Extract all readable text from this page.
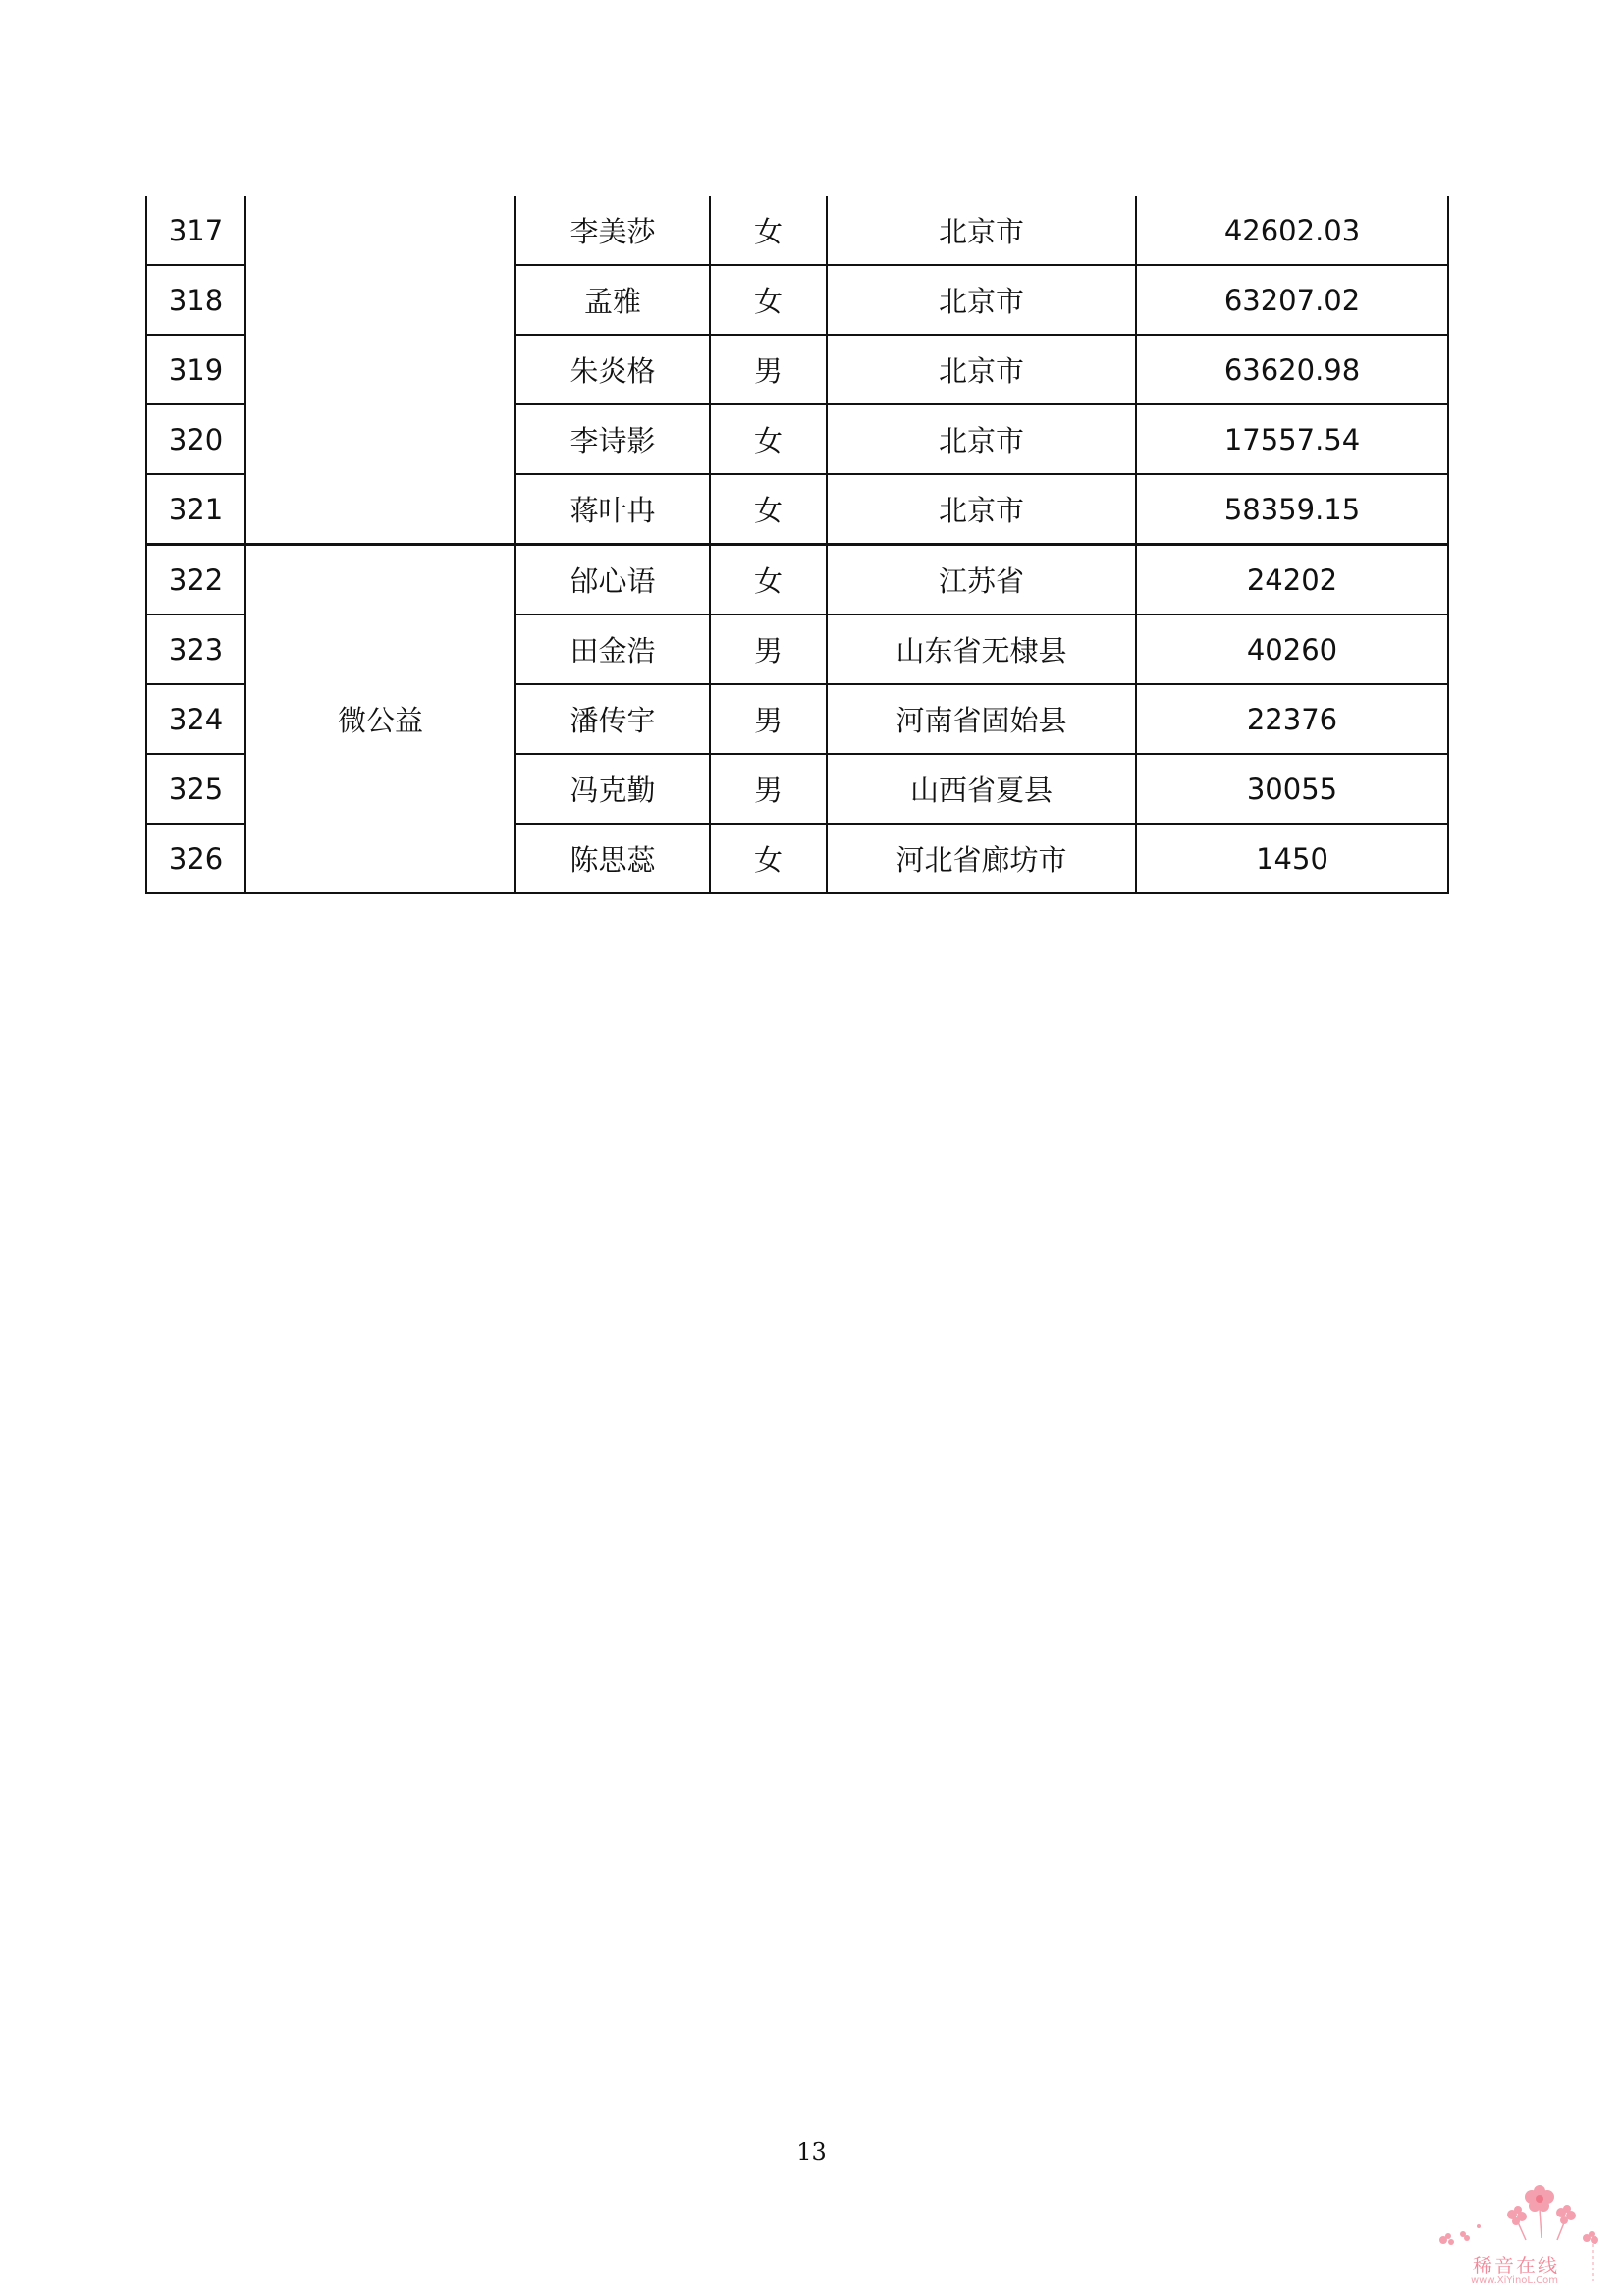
317		李美莎	女	北京市	42602.03
318		孟雅	女	北京市	63207.02
319		朱炎格	男	北京市	63620.98
320		李诗影	女	北京市	17557.54
321		蒋叶冉	女	北京市	58359.15
322	微公益	邰心语	女	江苏省	24202
323		田金浩	男	山东省无棣县	40260
324		潘传宇	男	河南省固始县	22376
325		冯克勤	男	山西省夏县	30055
326		陈思蕊	女	河北省廊坊市	1450
13
稀音在线
www.XiYinoL.Com
